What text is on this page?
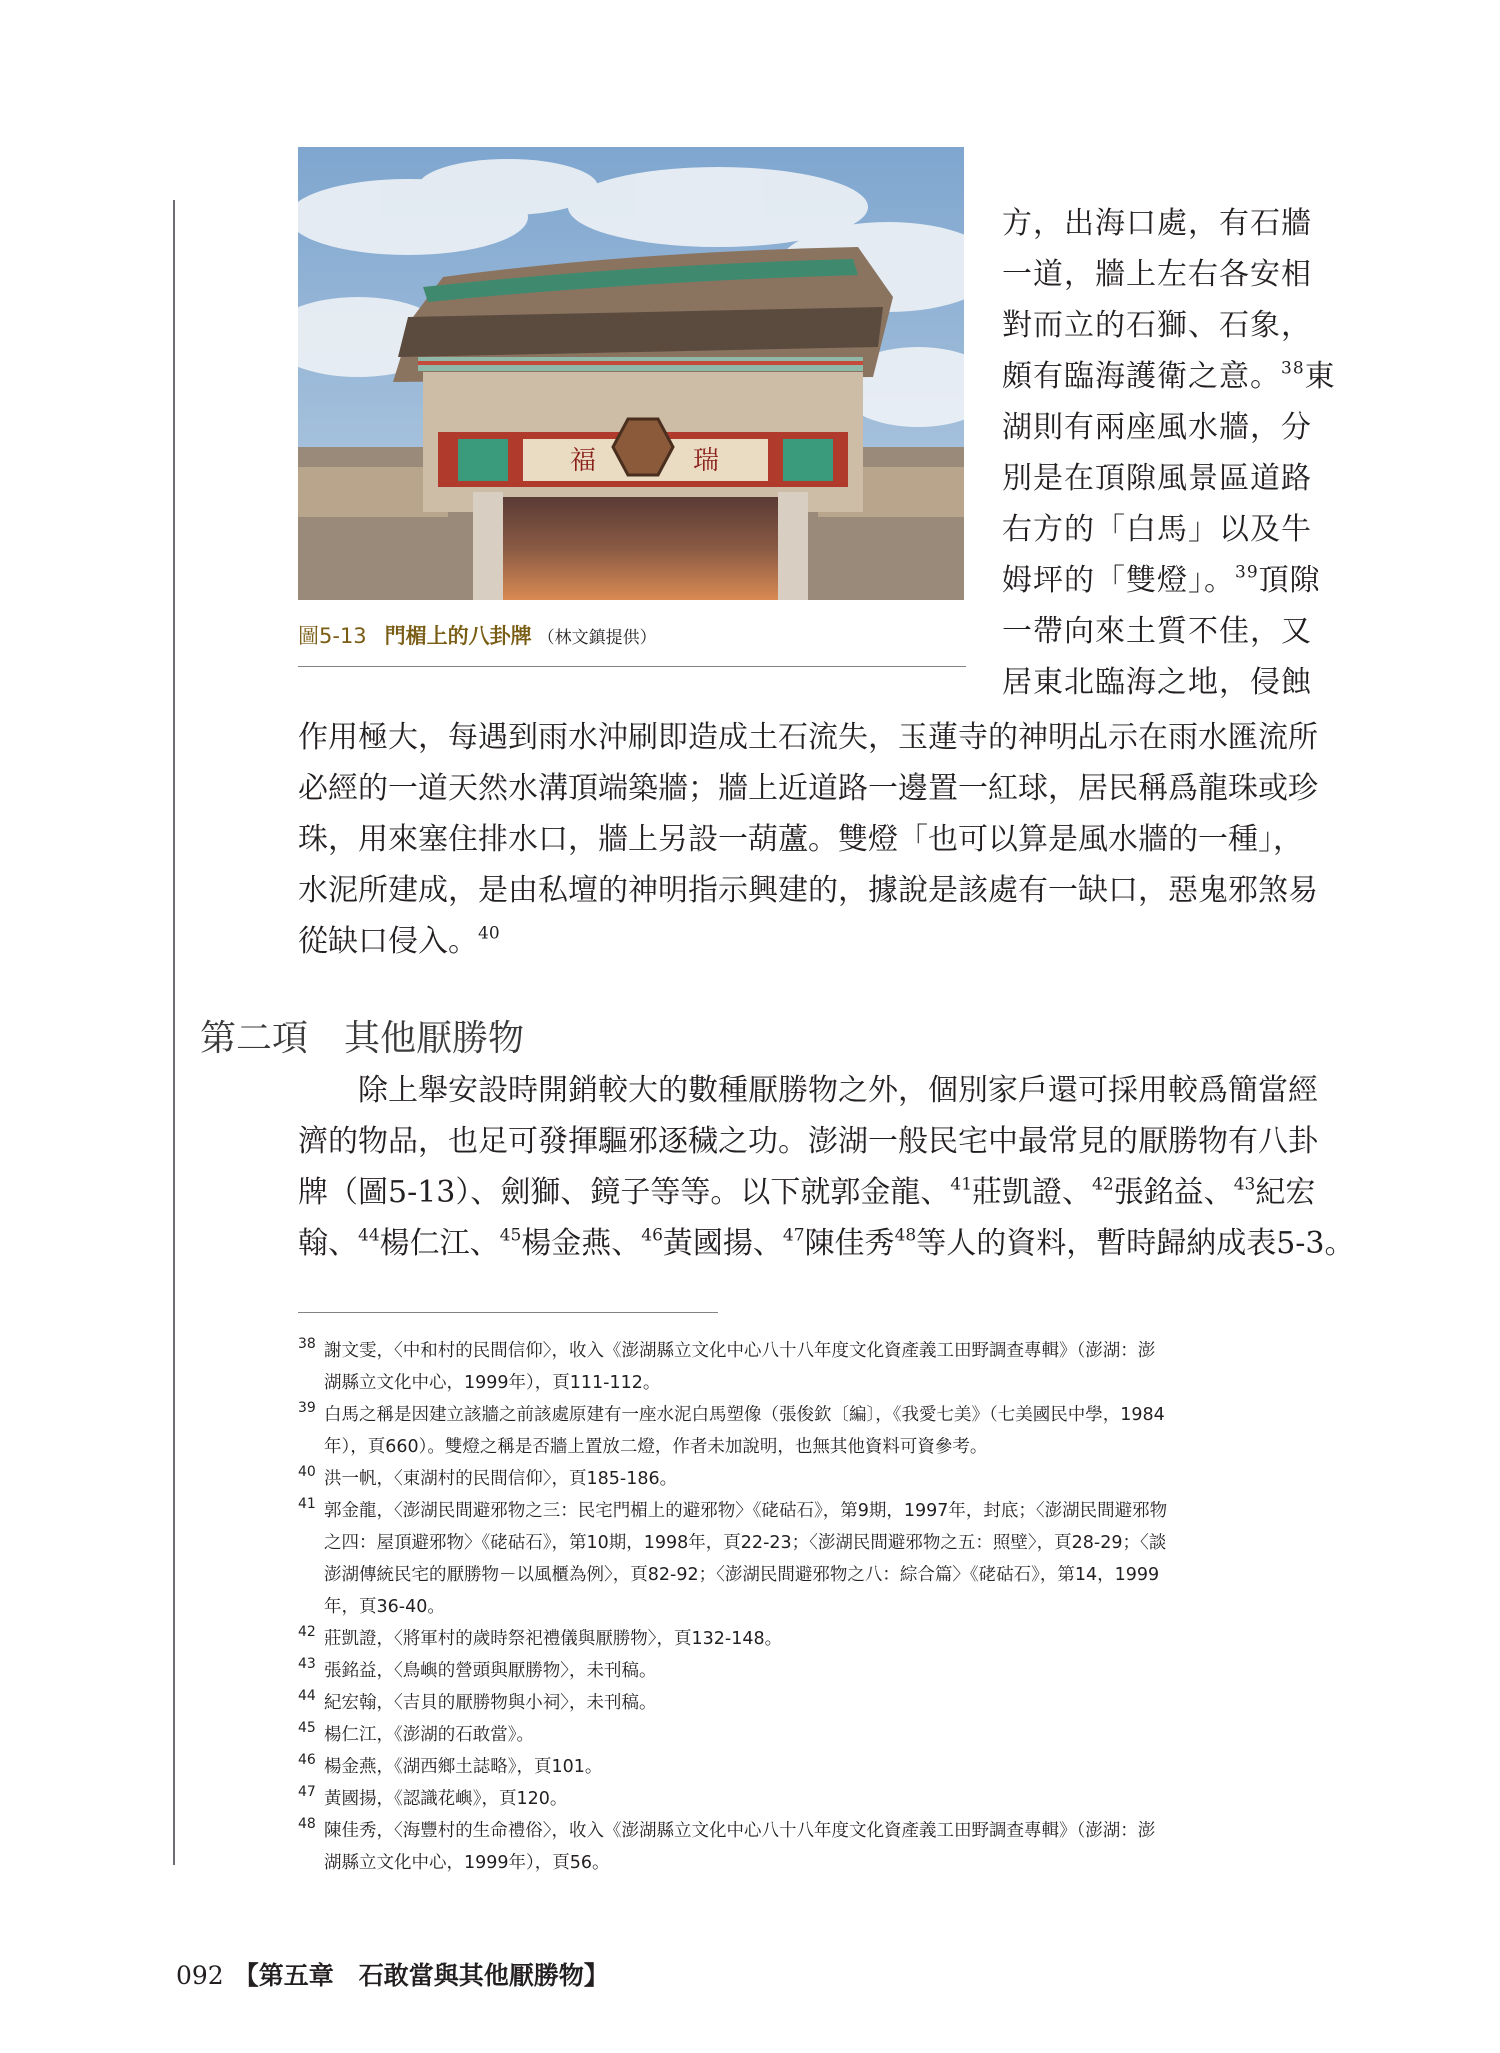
福	瑞
圖5-13 門楣上的八卦牌 （林文鎮提供）
方，出海口處，有石牆
一道，牆上左右各安相
對而立的石獅、石象，
頗有臨海護衛之意。$^{38}$東
湖則有兩座風水牆，分
別是在頂隙風景區道路
右方的「白馬」以及牛
姆坪的「雙燈」。$^{39}$頂隙
一帶向來土質不佳，又
居東北臨海之地，侵蝕
作用極大，每遇到雨水沖刷即造成土石流失，玉蓮寺的神明乩示在雨水匯流所
必經的一道天然水溝頂端築牆；牆上近道路一邊置一紅球，居民稱爲龍珠或珍
珠，用來塞住排水口，牆上另設一葫蘆。雙燈「也可以算是風水牆的一種」，
水泥所建成，是由私壇的神明指示興建的，據說是該處有一缺口，惡鬼邪煞易
從缺口侵入。$^{40}$
第二項 其他厭勝物
　　除上舉安設時開銷較大的數種厭勝物之外，個別家戶還可採用較爲簡當經
濟的物品，也足可發揮驅邪逐穢之功。澎湖一般民宅中最常見的厭勝物有八卦
牌（圖5-13）、劍獅、鏡子等等。以下就郭金龍、$^{41}$莊凱證、$^{42}$張銘益、$^{43}$紀宏
翰、$^{44}$楊仁江、$^{45}$楊金燕、$^{46}$黃國揚、$^{47}$陳佳秀$^{48}$等人的資料，暫時歸納成表5-3。
38 謝文雯，〈中和村的民間信仰〉，收入《澎湖縣立文化中心八十八年度文化資產義工田野調查專輯》（澎湖：澎
湖縣立文化中心，1999年），頁111-112。
39 白馬之稱是因建立該牆之前該處原建有一座水泥白馬塑像（張俊欽〔編〕，《我愛七美》（七美國民中學，1984
年），頁660）。雙燈之稱是否牆上置放二燈，作者未加說明，也無其他資料可資參考。
40 洪一帆，〈東湖村的民間信仰〉，頁185-186。
41 郭金龍，〈澎湖民間避邪物之三：民宅門楣上的避邪物〉《硓𥑮石》，第9期，1997年，封底；〈澎湖民間避邪物
之四：屋頂避邪物〉《硓𥑮石》，第10期，1998年，頁22-23；〈澎湖民間避邪物之五：照壁〉，頁28-29；〈談
澎湖傳統民宅的厭勝物－以風櫃為例〉，頁82-92；〈澎湖民間避邪物之八：綜合篇〉《硓𥑮石》，第14，1999
年，頁36-40。
42 莊凱證，〈將軍村的歲時祭祀禮儀與厭勝物〉，頁132-148。
43 張銘益，〈鳥嶼的營頭與厭勝物〉，未刊稿。
44 紀宏翰，〈吉貝的厭勝物與小祠〉，未刊稿。
45 楊仁江，《澎湖的石敢當》。
46 楊金燕，《湖西鄉土誌略》，頁101。
47 黃國揚，《認識花嶼》，頁120。
48 陳佳秀，〈海豐村的生命禮俗〉，收入《澎湖縣立文化中心八十八年度文化資產義工田野調查專輯》（澎湖：澎
湖縣立文化中心，1999年），頁56。
092 【第五章　石敢當與其他厭勝物】
